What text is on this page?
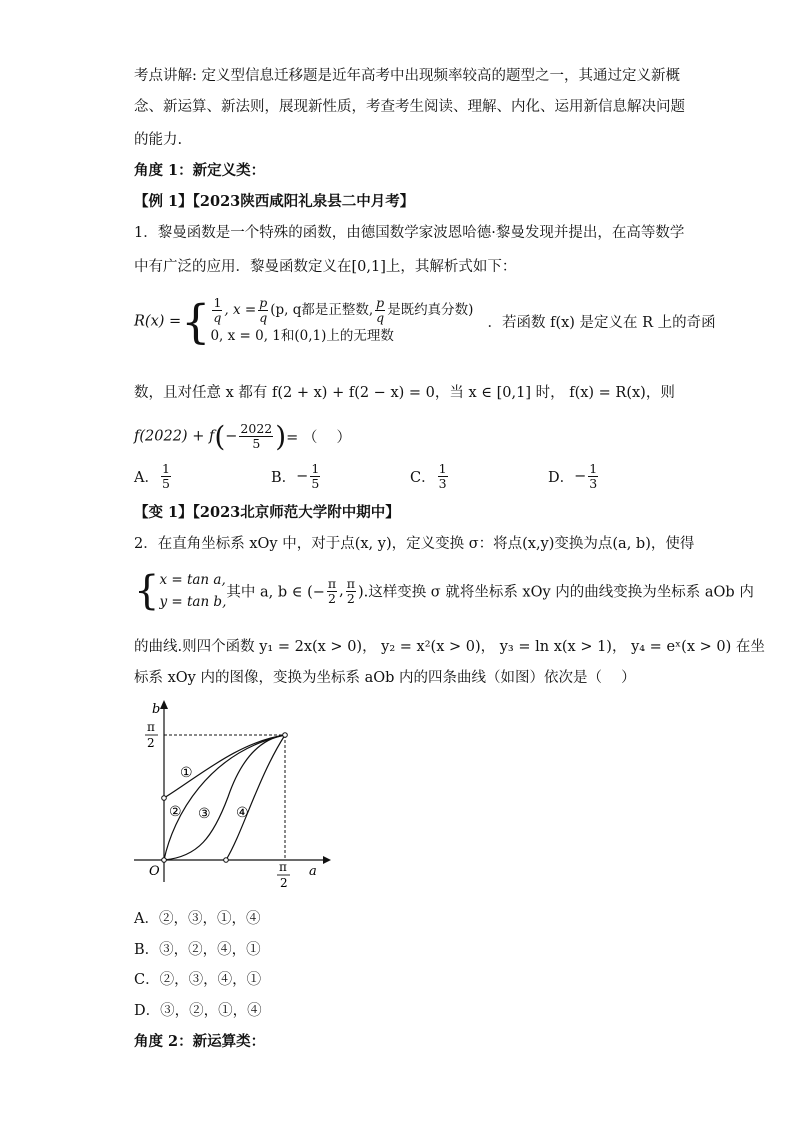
考点讲解: 定义型信息迁移题是近年高考中出现频率较高的题型之一，其通过定义新概
念、新运算、新法则，展现新性质，考查考生阅读、理解、内化、运用新信息解决问题
的能力.
角度 1：新定义类：
【例 1】【2023陕西咸阳礼泉县二中月考】
1．黎曼函数是一个特殊的函数，由德国数学家波恩哈德·黎曼发现并提出，在高等数学
中有广泛的应用．黎曼函数定义在[0,1]上，其解析式如下：
R(x) ={ $\frac{1}{q}$ , $x = \frac{p}{q} (p$, q都是正整数, $\frac{p}{q}$ 是既约真分数)
0, x = 0, 1和(0,1)上的无理数
．若函数 f(x) 是定义在 R 上的奇函
数，且对任意 x 都有 f(2 + x) + f(2 − x) = 0，当 x ∈ [0,1] 时， f(x) = R(x)，则
$f(2022) + f(- \frac{2022}{5}$ )= （　 ）
A． $\frac{1}{5}$	B．− $\frac{1}{5}$	C． $\frac{1}{3}$	D．− $\frac{1}{3}$
【变 1】【2023北京师范大学附中期中】
2．在直角坐标系 xOy 中，对于点(x, y)，定义变换 σ：将点(x,y)变换为点(a, b)，使得
{ x = tan a,
y = tan b,
其中 a, b ∈ (− $\frac{\pi}{2}$ , $\frac{\pi}{2}$ ).这样变换 σ 就将坐标系 xOy 内的曲线变换为坐标系 aOb 内
的曲线.则四个函数 y₁ = 2x(x > 0)， y₂ = x²(x > 0)， y₃ = ln x(x > 1)， y₄ = eˣ(x > 0) 在坐
标系 xOy 内的图像，变换为坐标系 aOb 内的四条曲线（如图）依次是（　 ）
b
a
O
π
2
π
2
①
② ③ ④
A．②，③，①，④
B．③，②，④，①
C．②，③，④，①
D．③，②，①，④
角度 2：新运算类：
